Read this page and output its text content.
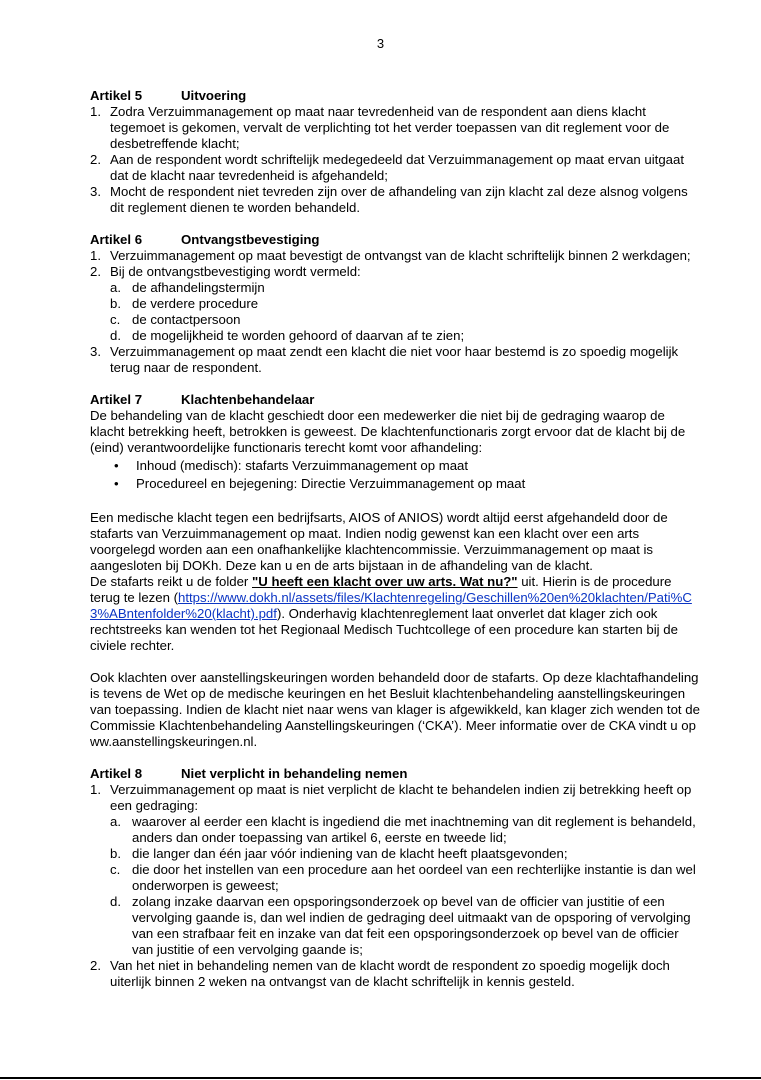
3

Artikel 5	Uitvoering

1. Zodra Verzuimmanagement op maat naar tevredenheid van de respondent aan diens klacht tegemoet is gekomen, vervalt de verplichting tot het verder toepassen van dit reglement voor de desbetreffende klacht;
2. Aan de respondent wordt schriftelijk medegedeeld dat Verzuimmanagement op maat ervan uitgaat dat de klacht naar tevredenheid is afgehandeld;
3. Mocht de respondent niet tevreden zijn over de afhandeling van zijn klacht zal deze alsnog volgens dit reglement dienen te worden behandeld.

Artikel 6	Ontvangstbevestiging

1. Verzuimmanagement op maat bevestigt de ontvangst van de klacht schriftelijk binnen 2 werkdagen;
2. Bij de ontvangstbevestiging wordt vermeld:
a. de afhandelingstermijn
b. de verdere procedure
c. de contactpersoon
d. de mogelijkheid te worden gehoord of daarvan af te zien;
3. Verzuimmanagement op maat zendt een klacht die niet voor haar bestemd is zo spoedig mogelijk terug naar de respondent.

Artikel 7	Klachtenbehandelaar

De behandeling van de klacht geschiedt door een medewerker die niet bij de gedraging waarop de klacht betrekking heeft, betrokken is geweest. De klachtenfunctionaris zorgt ervoor dat de klacht bij de (eind) verantwoordelijke functionaris terecht komt voor afhandeling:

•	Inhoud (medisch): stafarts Verzuimmanagement op maat
•	Procedureel en bejegening: Directie Verzuimmanagement op maat

Een medische klacht tegen een bedrijfsarts, AIOS of ANIOS) wordt altijd eerst afgehandeld door de stafarts van Verzuimmanagement op maat. Indien nodig gewenst kan een klacht over een arts voorgelegd worden aan een onafhankelijke klachtencommissie. Verzuimmanagement op maat is aangesloten bij DOKh. Deze kan u en de arts bijstaan in de afhandeling van de klacht.

De stafarts reikt u de folder "U heeft een klacht over uw arts. Wat nu?" uit. Hierin is de procedure terug te lezen (https://www.dokh.nl/assets/files/Klachtenregeling/Geschillen%20en%20klachten/Pati%C3%ABntenfolder%20(klacht).pdf). Onderhavig klachtenreglement laat onverlet dat klager zich ook rechtstreeks kan wenden tot het Regionaal Medisch Tuchtcollege of een procedure kan starten bij de civiele rechter.

Ook klachten over aanstellingskeuringen worden behandeld door de stafarts. Op deze klachtafhandeling is tevens de Wet op de medische keuringen en het Besluit klachtenbehandeling aanstellingskeuringen van toepassing. Indien de klacht niet naar wens van klager is afgewikkeld, kan klager zich wenden tot de Commissie Klachtenbehandeling Aanstellingskeuringen (‘CKA’). Meer informatie over de CKA vindt u op ww.aanstellingskeuringen.nl.

Artikel 8	Niet verplicht in behandeling nemen

1. Verzuimmanagement op maat is niet verplicht de klacht te behandelen indien zij betrekking heeft op een gedraging:
a. waarover al eerder een klacht is ingediend die met inachtneming van dit reglement is behandeld, anders dan onder toepassing van artikel 6, eerste en tweede lid;
b. die langer dan één jaar vóór indiening van de klacht heeft plaatsgevonden;
c. die door het instellen van een procedure aan het oordeel van een rechterlijke instantie is dan wel onderworpen is geweest;
d. zolang inzake daarvan een opsporingsonderzoek op bevel van de officier van justitie of een vervolging gaande is, dan wel indien de gedraging deel uitmaakt van de opsporing of vervolging van een strafbaar feit en inzake van dat feit een opsporingsonderzoek op bevel van de officier van justitie of een vervolging gaande is;
2. Van het niet in behandeling nemen van de klacht wordt de respondent zo spoedig mogelijk doch uiterlijk binnen 2 weken na ontvangst van de klacht schriftelijk in kennis gesteld.
